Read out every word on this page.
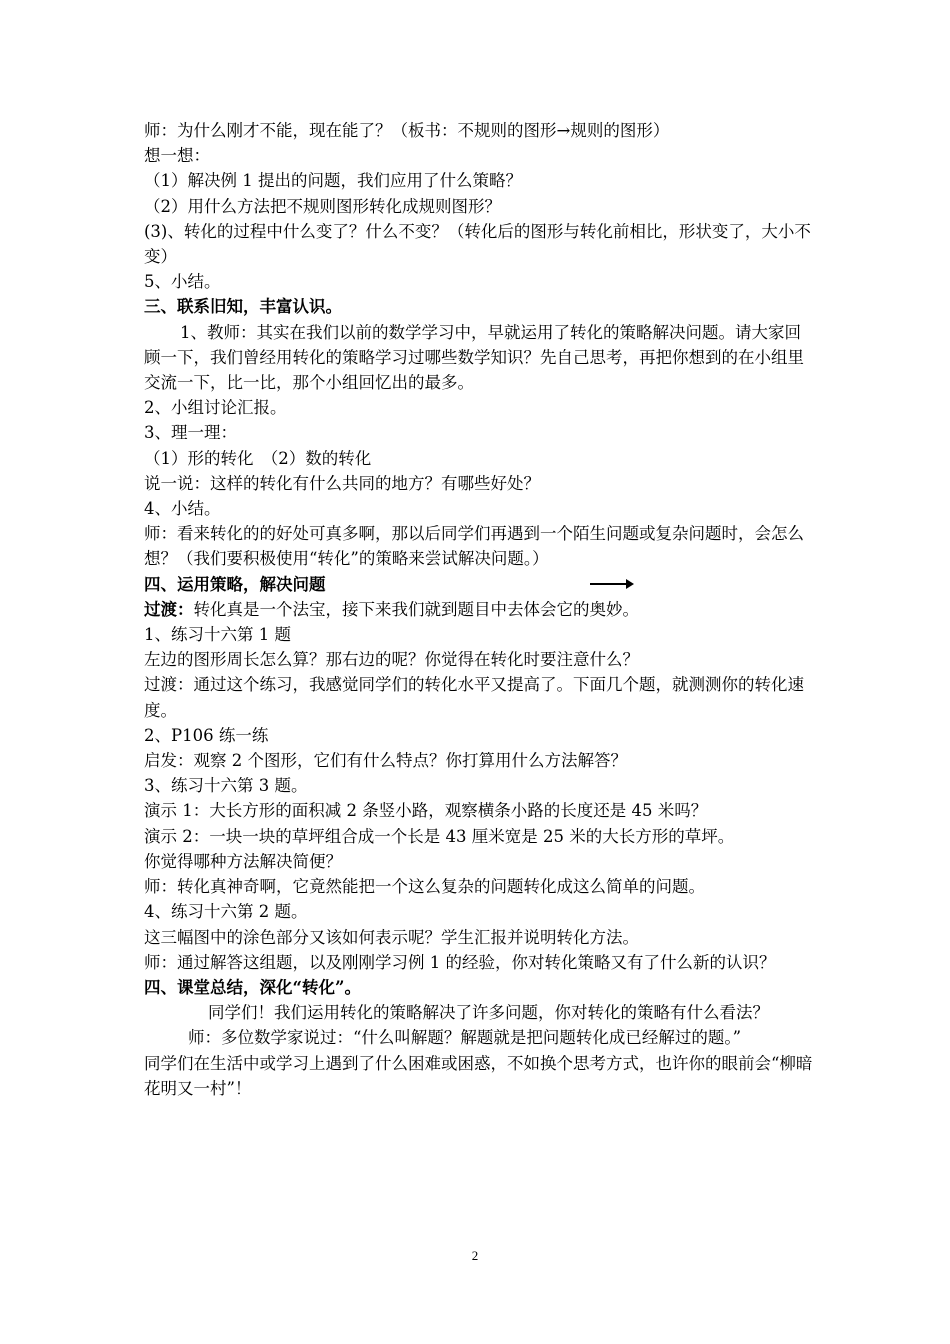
师：为什么刚才不能，现在能了？（板书：不规则的图形→规则的图形）
想一想：
（1）解决例 1 提出的问题，我们应用了什么策略？
（2）用什么方法把不规则图形转化成规则图形？
(3)、转化的过程中什么变了？什么不变？（转化后的图形与转化前相比，形状变了，大小不变）
5、小结。
三、联系旧知，丰富认识。
1、教师：其实在我们以前的数学学习中，早就运用了转化的策略解决问题。请大家回顾一下，我们曾经用转化的策略学习过哪些数学知识？先自己思考，再把你想到的在小组里交流一下，比一比，那个小组回忆出的最多。
2、小组讨论汇报。
3、理一理：
（1）形的转化　（2）数的转化
说一说：这样的转化有什么共同的地方？有哪些好处？
4、小结。
师：看来转化的的好处可真多啊，那以后同学们再遇到一个陌生问题或复杂问题时，会怎么想？（我们要积极使用“转化”的策略来尝试解决问题。）
四、运用策略，解决问题
过渡：转化真是一个法宝，接下来我们就到题目中去体会它的奥妙。
1、练习十六第 1 题
左边的图形周长怎么算？那右边的呢？你觉得在转化时要注意什么？
过渡：通过这个练习，我感觉同学们的转化水平又提高了。下面几个题，就测测你的转化速度。
2、P106 练一练
启发：观察 2 个图形，它们有什么特点？你打算用什么方法解答？
3、练习十六第 3 题。
演示 1：大长方形的面积减 2 条竖小路，观察横条小路的长度还是 45 米吗？
演示 2：一块一块的草坪组合成一个长是 43 厘米宽是 25 米的大长方形的草坪。
你觉得哪种方法解决简便？
师：转化真神奇啊，它竟然能把一个这么复杂的问题转化成这么简单的问题。
4、练习十六第 2 题。
这三幅图中的涂色部分又该如何表示呢？学生汇报并说明转化方法。
师：通过解答这组题，以及刚刚学习例 1 的经验，你对转化策略又有了什么新的认识？
四、课堂总结，深化“转化”。
同学们！我们运用转化的策略解决了许多问题，你对转化的策略有什么看法？
师：多位数学家说过：“什么叫解题？解题就是把问题转化成已经解过的题。”
同学们在生活中或学习上遇到了什么困难或困惑，不如换个思考方式，也许你的眼前会“柳暗花明又一村”！
2
